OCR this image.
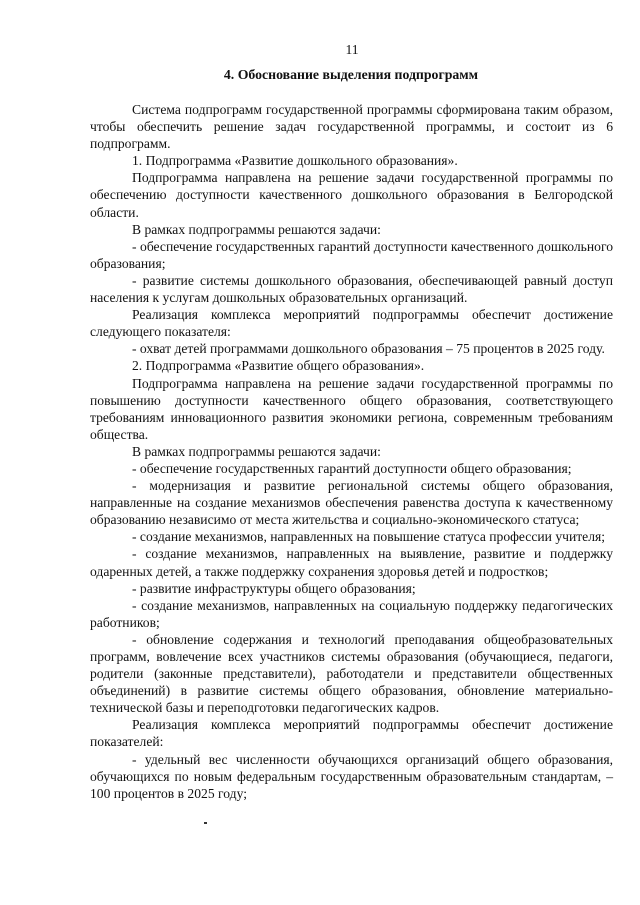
11
4. Обоснование выделения подпрограмм

Система подпрограмм государственной программы сформирована таким образом, чтобы обеспечить решение задач государственной программы, и состоит из 6 подпрограмм.

1. Подпрограмма «Развитие дошкольного образования».

Подпрограмма направлена на решение задачи государственной программы по обеспечению доступности качественного дошкольного образования в Белгородской области.

В рамках подпрограммы решаются задачи:

- обеспечение государственных гарантий доступности качественного дошкольного образования;

- развитие системы дошкольного образования, обеспечивающей равный доступ населения к услугам дошкольных образовательных организаций.

Реализация комплекса мероприятий подпрограммы обеспечит достижение следующего показателя:

- охват детей программами дошкольного образования – 75 процентов в 2025 году.

2. Подпрограмма «Развитие общего образования».

Подпрограмма направлена на решение задачи государственной программы по повышению доступности качественного общего образования, соответствующего требованиям инновационного развития экономики региона, современным требованиям общества.

В рамках подпрограммы решаются задачи:

- обеспечение государственных гарантий доступности общего образования;

- модернизация и развитие региональной системы общего образования, направленные на создание механизмов обеспечения равенства доступа к качественному образованию независимо от места жительства и социально-экономического статуса;

- создание механизмов, направленных на повышение статуса профессии учителя;

- создание механизмов, направленных на выявление, развитие и поддержку одаренных детей, а также поддержку сохранения здоровья детей и подростков;

- развитие инфраструктуры общего образования;

- создание механизмов, направленных на социальную поддержку педагогических работников;

- обновление содержания и технологий преподавания общеобразовательных программ, вовлечение всех участников системы образования (обучающиеся, педагоги, родители (законные представители), работодатели и представители общественных объединений) в развитие системы общего образования, обновление материально-технической базы и переподготовки педагогических кадров.

Реализация комплекса мероприятий подпрограммы обеспечит достижение показателей:

- удельный вес численности обучающихся организаций общего образования, обучающихся по новым федеральным государственным образовательным стандартам, – 100 процентов в 2025 году;
